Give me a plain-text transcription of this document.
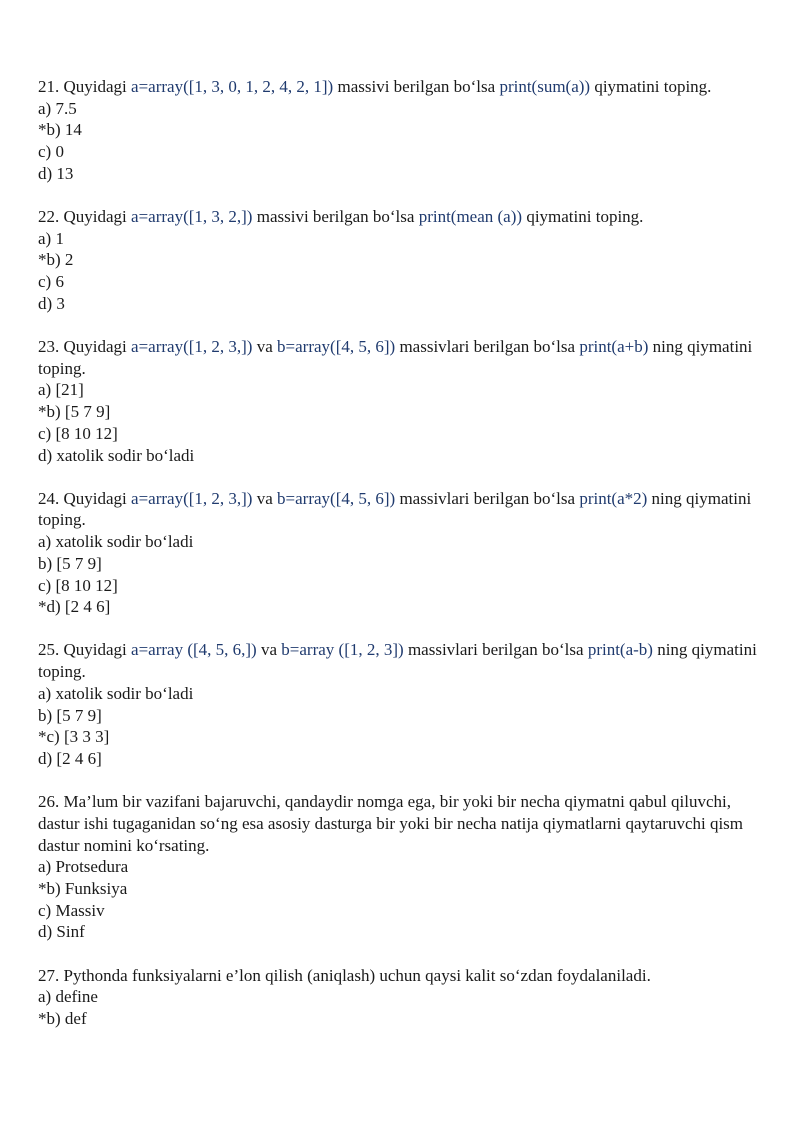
21. Quyidagi a=array([1, 3, 0, 1, 2, 4, 2, 1]) massivi berilgan bo‘lsa print(sum(a)) qiymatini toping.

a) 7.5

*b) 14

c) 0

d) 13

22. Quyidagi a=array([1, 3, 2,]) massivi berilgan bo‘lsa print(mean (a)) qiymatini toping.

a) 1

*b) 2

c) 6

d) 3

23. Quyidagi a=array([1, 2, 3,]) va b=array([4, 5, 6]) massivlari berilgan bo‘lsa print(a+b) ning qiymatini toping.

a) [21]

*b) [5 7 9]

c) [8 10 12]

d) xatolik sodir bo‘ladi

24. Quyidagi a=array([1, 2, 3,]) va b=array([4, 5, 6]) massivlari berilgan bo‘lsa print(a*2) ning qiymatini toping.

a) xatolik sodir bo‘ladi

b) [5 7 9]

c) [8 10 12]

*d) [2 4 6]

25. Quyidagi a=array ([4, 5, 6,]) va b=array ([1, 2, 3]) massivlari berilgan bo‘lsa print(a-b) ning qiymatini toping.

a) xatolik sodir bo‘ladi

b) [5 7 9]

*c) [3 3 3]

d) [2 4 6]

26. Ma’lum bir vazifani bajaruvchi, qandaydir nomga ega, bir yoki bir necha qiymatni qabul qiluvchi, dastur ishi tugaganidan so‘ng esa asosiy dasturga bir yoki bir necha natija qiymatlarni qaytaruvchi qism dastur nomini ko‘rsating.

a) Protsedura

*b) Funksiya

c) Massiv

d) Sinf

27. Pythonda funksiyalarni e’lon qilish (aniqlash) uchun qaysi kalit so‘zdan foydalaniladi.

a) define

*b) def
